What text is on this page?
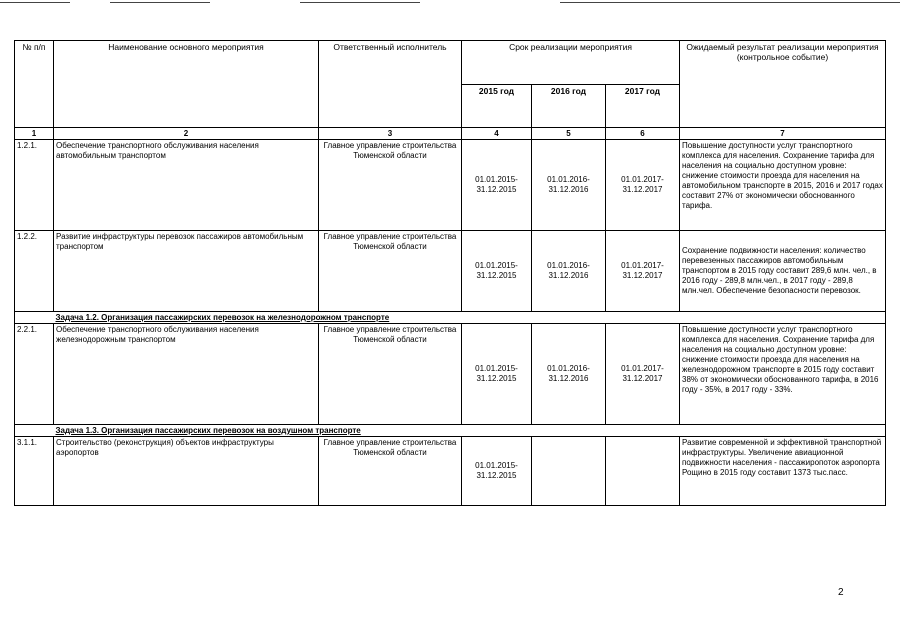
№ п/п	Наименование основного мероприятия	Ответственный исполнитель	Срок реализации мероприятия			Ожидаемый результат реализации мероприятия (контрольное событие)
			2015 год	2016 год	2017 год	
1	2	3	4	5	6	7
1.2.1.	Обеспечение транспортного обслуживания населения автомобильным транспортом	Главное управление строительства Тюменской области	01.01.2015-31.12.2015	01.01.2016-31.12.2016	01.01.2017-31.12.2017	Повышение доступности услуг транспортного комплекса для населения. Сохранение тарифа для населения на социально доступном уровне: снижение стоимости проезда для населения на автомобильном транспорте в 2015, 2016 и 2017 годах составит 27% от экономически обоснованного тарифа.
1.2.2.	Развитие инфраструктуры перевозок пассажиров автомобильным транспортом	Главное управление строительства Тюменской области	01.01.2015-31.12.2015	01.01.2016-31.12.2016	01.01.2017-31.12.2017	Сохранение подвижности населения: количество перевезенных пассажиров автомобильным транспортом в 2015 году составит 289,6 млн. чел., в 2016 году - 289,8 млн.чел., в 2017 году - 289,8 млн.чел. Обеспечение безопасности перевозок.
	Задача 1.2. Организация пассажирских перевозок на железнодорожном транспорте					
2.2.1.	Обеспечение транспортного обслуживания населения железнодорожным транспортом	Главное управление строительства Тюменской области	01.01.2015-31.12.2015	01.01.2016-31.12.2016	01.01.2017-31.12.2017	Повышение доступности услуг транспортного комплекса для населения. Сохранение тарифа для населения на социально доступном уровне: снижение стоимости проезда для населения на железнодорожном транспорте в 2015 году составит 38% от экономически обоснованного тарифа, в 2016 году - 35%, в 2017 году - 33%.
	Задача 1.3. Организация пассажирских перевозок на воздушном транспорте					
3.1.1.	Строительство (реконструкция) объектов инфраструктуры аэропортов	Главное управление строительства Тюменской области	01.01.2015-31.12.2015			Развитие современной и эффективной транспортной инфраструктуры. Увеличение авиационной подвижности населения - пассажиропоток аэропорта Рощино в 2015 году составит 1373 тыс.пасс.
2
